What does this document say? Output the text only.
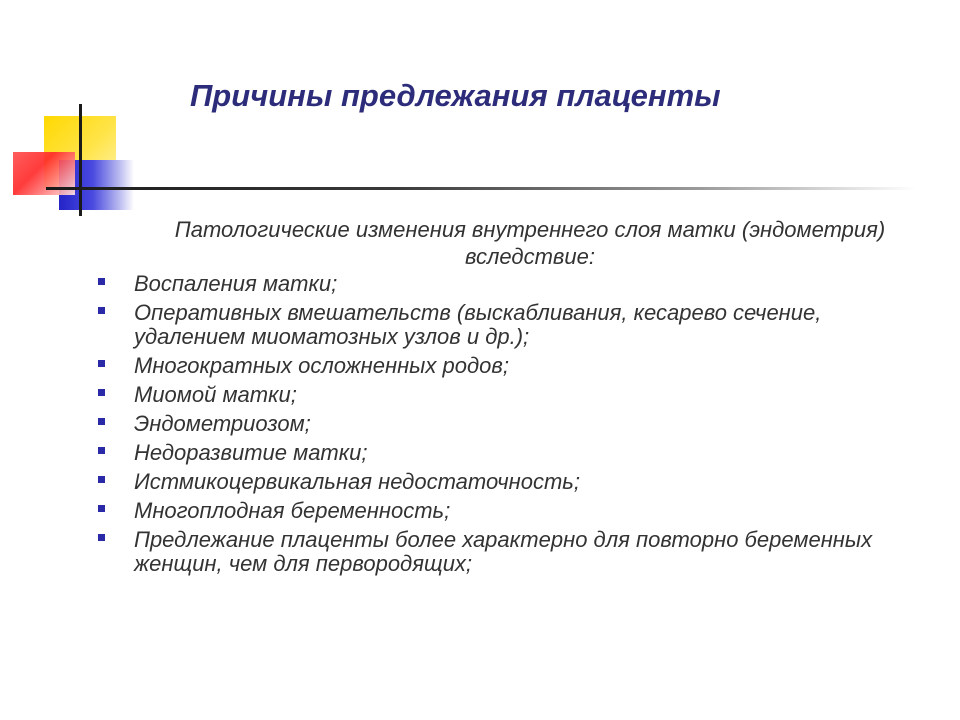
Причины предлежания плаценты

Патологические изменения внутреннего слоя матки (эндометрия) вследствие:

Воспаления матки;
Оперативных вмешательств (выскабливания, кесарево сечение, удалением миоматозных узлов и др.);
Многократных осложненных родов;
Миомой матки;
Эндометриозом;
Недоразвитие матки;
Истмикоцервикальная недостаточность;
Многоплодная беременность;
Предлежание плаценты более характерно для повторно беременных женщин, чем для первородящих;
